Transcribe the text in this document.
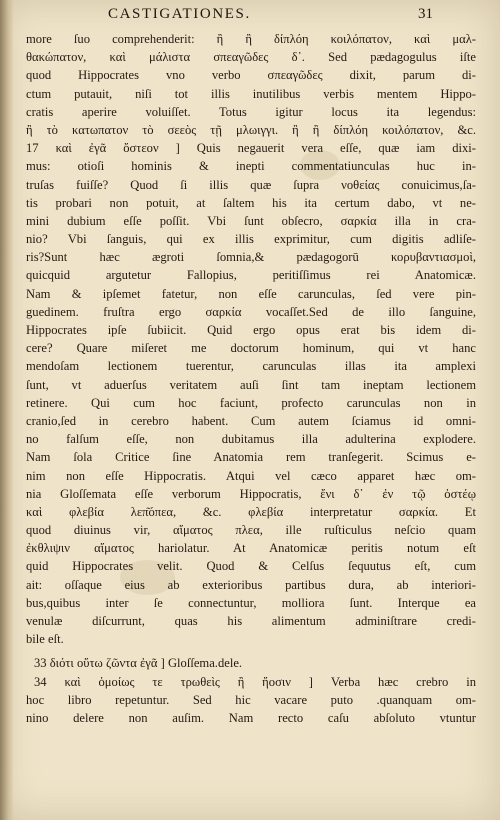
CASTIGATIONES.	31
more ſuo comprehenderit: ἢ ἢ δίπλόη κοιλόπατον, καὶ μαλ-
θακώπατον, καὶ μάλιστα σπεαγῶδες δ᾽. Sed pædagogulus iſte
quod Hippocrates vno verbo σπεαγῶδες dixit, parum di-
ctum putauit, niſi tot illis inutilibus verbis mentem Hippo-
cratis aperire voluiſſet. Totus igitur locus ita legendus:
ἢ τὸ κατωπατον τὸ σεεὸς τῇ μλωιγγι. ἢ ἢ δίπλόη κοιλόπατον, &c.
17 καὶ ἐγᾶ ὄστεον ] Quis negauerit vera eſſe, quæ iam dixi-
mus: otioſi hominis & inepti commentatiunculas huc in-
truſas fuiſſe? Quod ſi illis quæ ſupra νοθείας conuicimus,ſa-
tis probari non potuit, at ſaltem his ita certum dabo, vt ne-
mini dubium eſſe poſſit. Vbi ſunt obſecro, σαρκία illa in cra-
nio? Vbi ſanguis, qui ex illis exprimitur, cum digitis adliſe-
ris?Sunt hæc ægroti ſomnia,& pædagogorū κορυβαντιασμοὶ,
quicquid argutetur Fallopius, peritiſſimus rei Anatomicæ.
Nam & ipſemet fatetur, non eſſe carunculas, ſed vere pin-
guedinem. fruſtra ergo σαρκία vocaſſet.Sed de illo ſanguine,
Hippocrates ipſe ſubiicit. Quid ergo opus erat bis idem di-
cere? Quare miſeret me doctorum hominum, qui vt hanc
mendoſam lectionem tuerentur, carunculas illas ita amplexi
ſunt, vt aduerſus veritatem auſi ſint tam ineptam lectionem
retinere. Qui cum hoc faciunt, profecto carunculas non in
cranio,ſed in cerebro habent. Cum autem ſciamus id omni-
no falſum eſſe, non dubitamus illa adulterina explodere.
Nam ſola Critice ſine Anatomia rem tranſegerit. Scimus e-
nim non eſſe Hippocratis. Atqui vel cæco apparet hæc om-
nia Gloſſemata eſſe verborum Hippocratis, ἔνι δ᾽ ἐν τῷ ὀστέῳ
καὶ φλεβία λεπ͂όπεα, &c. φλεβία interpretatur σαρκία. Et
quod diuinus vir, αἵματος πλεα, ille ruſticulus neſcio quam
ἐκθλιψιν αἵματος hariolatur. At Anatomicæ peritis notum eſt
quid Hippocrates velit. Quod & Celſus ſequutus eſt, cum
ait: oſſaque eius ab exterioribus partibus dura, ab interiori-
bus,quibus inter ſe connectuntur, molliora ſunt. Interque ea
venulæ diſcurrunt, quas his alimentum adminiſtrare credi-
bile eſt.
33 διότι οὕτω ζῶντα ἐγᾶ ] Gloſſema.dele.
34 καὶ ὁμοίως τε τρωθεὶς ἢ ἤοσιν ] Verba hæc crebro in
hoc libro repetuntur. Sed hic vacare puto .quanquam om-
nino delere non auſim. Nam recto caſu abſoluto vtuntur
